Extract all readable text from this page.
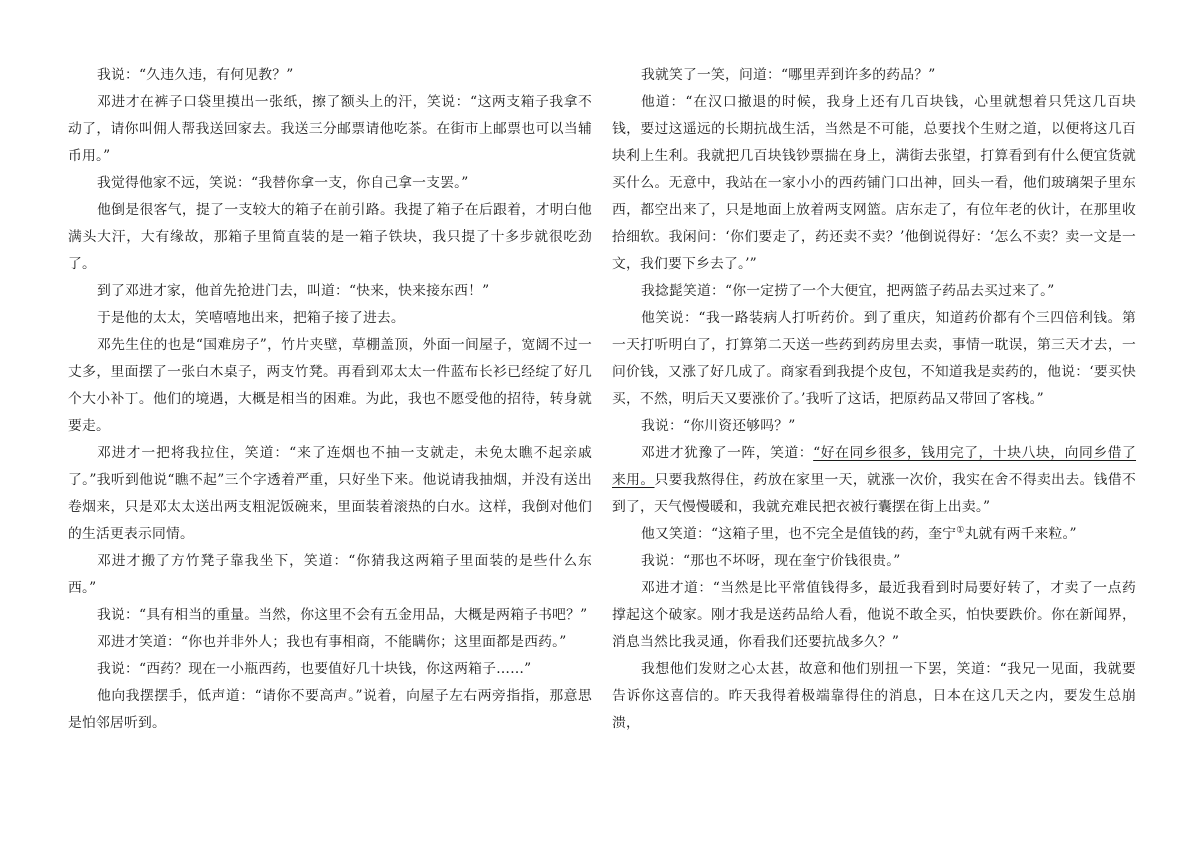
我说：“久违久违，有何见教？”

邓进才在裤子口袋里摸出一张纸，擦了额头上的汗，笑说：“这两支箱子我拿不动了，请你叫佣人帮我送回家去。我送三分邮票请他吃茶。在街市上邮票也可以当辅币用。”

我觉得他家不远，笑说：“我替你拿一支，你自己拿一支罢。”

他倒是很客气，提了一支较大的箱子在前引路。我提了箱子在后跟着，才明白他满头大汗，大有缘故，那箱子里简直装的是一箱子铁块，我只提了十多步就很吃劲了。

到了邓进才家，他首先抢进门去，叫道：“快来，快来接东西！”

于是他的太太，笑嘻嘻地出来，把箱子接了进去。

邓先生住的也是“国难房子”，竹片夹壁，草棚盖顶，外面一间屋子，宽阔不过一丈多，里面摆了一张白木桌子，两支竹凳。再看到邓太太一件蓝布长衫已经绽了好几个大小补丁。他们的境遇，大概是相当的困难。为此，我也不愿受他的招待，转身就要走。

邓进才一把将我拉住，笑道：“来了连烟也不抽一支就走，未免太瞧不起亲戚了。”我听到他说“瞧不起”三个字透着严重，只好坐下来。他说请我抽烟，并没有送出卷烟来，只是邓太太送出两支粗泥饭碗来，里面装着滚热的白水。这样，我倒对他们的生活更表示同情。

邓进才搬了方竹凳子靠我坐下，笑道：“你猜我这两箱子里面装的是些什么东西。”

我说：“具有相当的重量。当然，你这里不会有五金用品，大概是两箱子书吧？”

邓进才笑道：“你也并非外人；我也有事相商，不能瞒你；这里面都是西药。”

我说：“西药？现在一小瓶西药，也要值好几十块钱，你这两箱子……”

他向我摆摆手，低声道：“请你不要高声。”说着，向屋子左右两旁指指，那意思是怕邻居听到。

我就笑了一笑，问道：“哪里弄到许多的药品？”

他道：“在汉口撤退的时候，我身上还有几百块钱，心里就想着只凭这几百块钱，要过这遥远的长期抗战生活，当然是不可能，总要找个生财之道，以便将这几百块利上生利。我就把几百块钱钞票揣在身上，满街去张望，打算看到有什么便宜货就买什么。无意中，我站在一家小小的西药铺门口出神，回头一看，他们玻璃架子里东西，都空出来了，只是地面上放着两支网篮。店东走了，有位年老的伙计，在那里收拾细软。我闲问：‘你们要走了，药还卖不卖？’他倒说得好：‘怎么不卖？卖一文是一文，我们要下乡去了。’”

我捻髭笑道：“你一定捞了一个大便宜，把两篮子药品去买过来了。”

他笑说：“我一路装病人打听药价。到了重庆，知道药价都有个三四倍利钱。第一天打听明白了，打算第二天送一些药到药房里去卖，事情一耽误，第三天才去，一问价钱，又涨了好几成了。商家看到我提个皮包，不知道我是卖药的，他说：‘要买快买，不然，明后天又要涨价了。’我听了这话，把原药品又带回了客栈。”

我说：“你川资还够吗？”

邓进才犹豫了一阵，笑道：“好在同乡很多，钱用完了，十块八块，向同乡借了来用。只要我熬得住，药放在家里一天，就涨一次价，我实在舍不得卖出去。钱借不到了，天气慢慢暖和，我就充难民把衣被行囊摆在街上出卖。”

他又笑道：“这箱子里，也不完全是值钱的药，奎宁①丸就有两千来粒。”

我说：“那也不坏呀，现在奎宁价钱很贵。”

邓进才道：“当然是比平常值钱得多，最近我看到时局要好转了，才卖了一点药撑起这个破家。刚才我是送药品给人看，他说不敢全买，怕快要跌价。你在新闻界，消息当然比我灵通，你看我们还要抗战多久？”

我想他们发财之心太甚，故意和他们别扭一下罢，笑道：“我兄一见面，我就要告诉你这喜信的。昨天我得着极端靠得住的消息，日本在这几天之内，要发生总崩溃，
